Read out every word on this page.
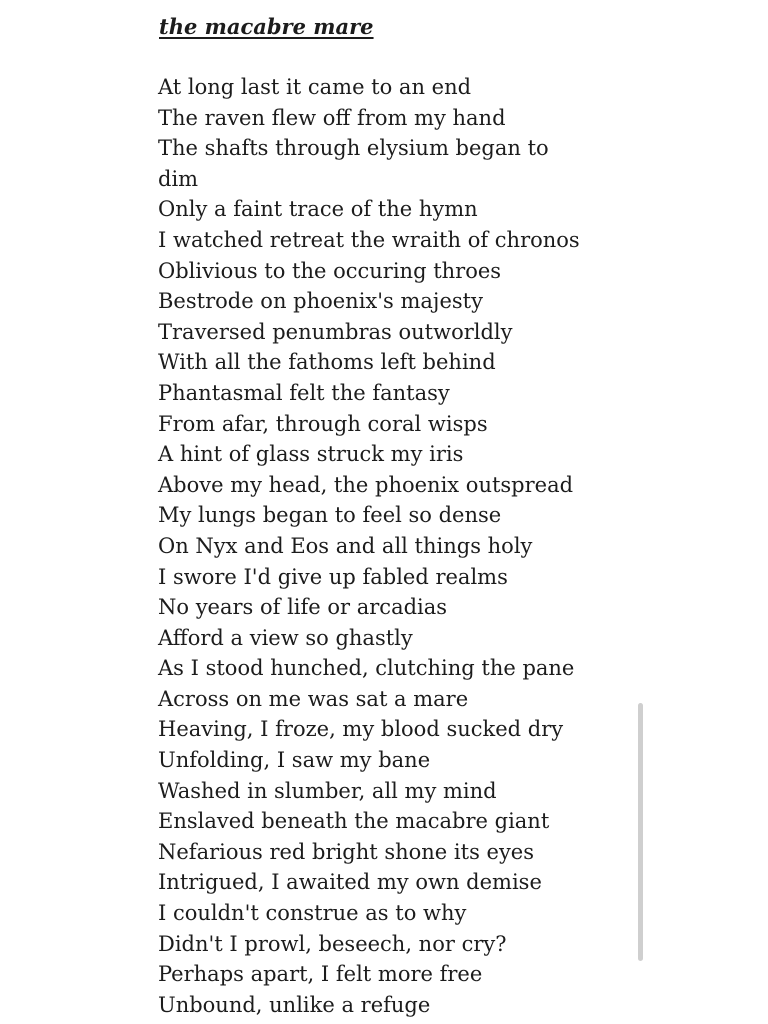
the macabre mare
At long last it came to an end
The raven flew off from my hand
The shafts through elysium began to
dim
Only a faint trace of the hymn
I watched retreat the wraith of chronos
Oblivious to the occuring throes
Bestrode on phoenix's majesty
Traversed penumbras outworldly
With all the fathoms left behind
Phantasmal felt the fantasy
From afar, through coral wisps
A hint of glass struck my iris
Above my head, the phoenix outspread
My lungs began to feel so dense
On Nyx and Eos and all things holy
I swore I'd give up fabled realms
No years of life or arcadias
Afford a view so ghastly
As I stood hunched, clutching the pane
Across on me was sat a mare
Heaving, I froze, my blood sucked dry
Unfolding, I saw my bane
Washed in slumber, all my mind
Enslaved beneath the macabre giant
Nefarious red bright shone its eyes
Intrigued, I awaited my own demise
I couldn't construe as to why
Didn't I prowl, beseech, nor cry?
Perhaps apart, I felt more free
Unbound, unlike a refuge
